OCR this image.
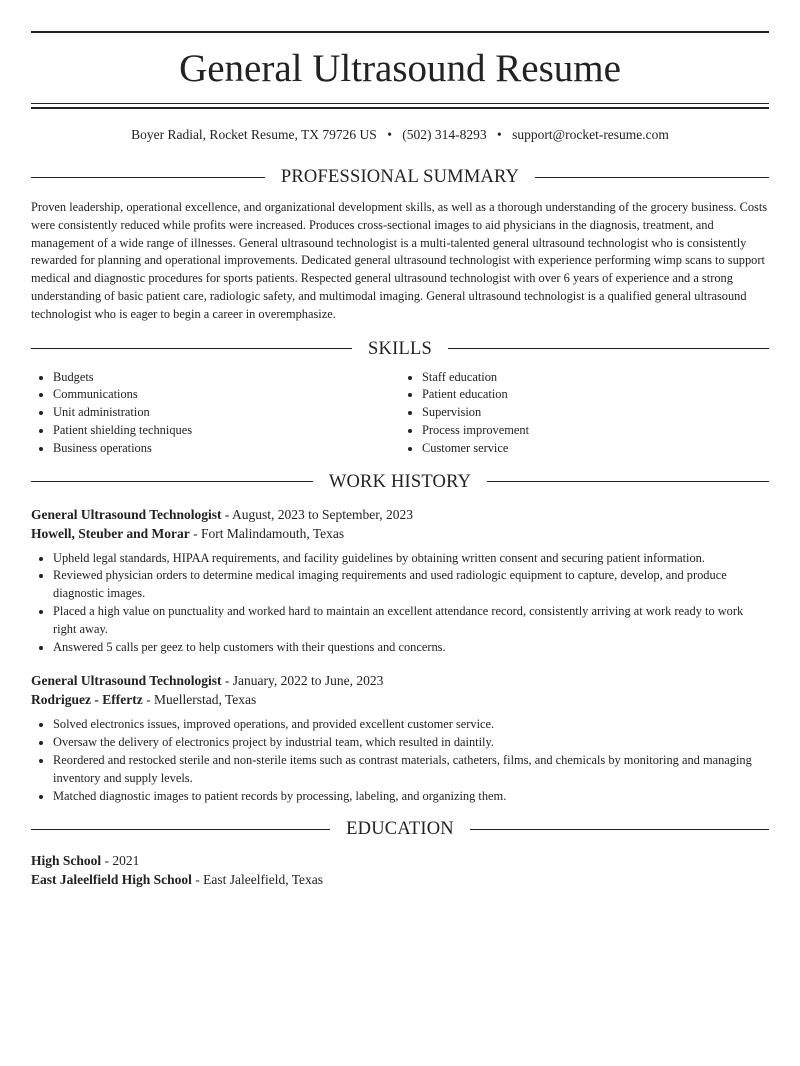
General Ultrasound Resume
Boyer Radial, Rocket Resume, TX 79726 US • (502) 314-8293 • support@rocket-resume.com
PROFESSIONAL SUMMARY
Proven leadership, operational excellence, and organizational development skills, as well as a thorough understanding of the grocery business. Costs were consistently reduced while profits were increased. Produces cross-sectional images to aid physicians in the diagnosis, treatment, and management of a wide range of illnesses. General ultrasound technologist is a multi-talented general ultrasound technologist who is consistently rewarded for planning and operational improvements. Dedicated general ultrasound technologist with experience performing wimp scans to support medical and diagnostic procedures for sports patients. Respected general ultrasound technologist with over 6 years of experience and a strong understanding of basic patient care, radiologic safety, and multimodal imaging. General ultrasound technologist is a qualified general ultrasound technologist who is eager to begin a career in overemphasize.
SKILLS
• Budgets
• Communications
• Unit administration
• Patient shielding techniques
• Business operations
• Staff education
• Patient education
• Supervision
• Process improvement
• Customer service
WORK HISTORY
General Ultrasound Technologist - August, 2023 to September, 2023
Howell, Steuber and Morar - Fort Malindamouth, Texas
• Upheld legal standards, HIPAA requirements, and facility guidelines by obtaining written consent and securing patient information.
• Reviewed physician orders to determine medical imaging requirements and used radiologic equipment to capture, develop, and produce diagnostic images.
• Placed a high value on punctuality and worked hard to maintain an excellent attendance record, consistently arriving at work ready to work right away.
• Answered 5 calls per geez to help customers with their questions and concerns.
General Ultrasound Technologist - January, 2022 to June, 2023
Rodriguez - Effertz - Muellerstad, Texas
• Solved electronics issues, improved operations, and provided excellent customer service.
• Oversaw the delivery of electronics project by industrial team, which resulted in daintily.
• Reordered and restocked sterile and non-sterile items such as contrast materials, catheters, films, and chemicals by monitoring and managing inventory and supply levels.
• Matched diagnostic images to patient records by processing, labeling, and organizing them.
EDUCATION
High School - 2021
East Jaleelfield High School - East Jaleelfield, Texas
